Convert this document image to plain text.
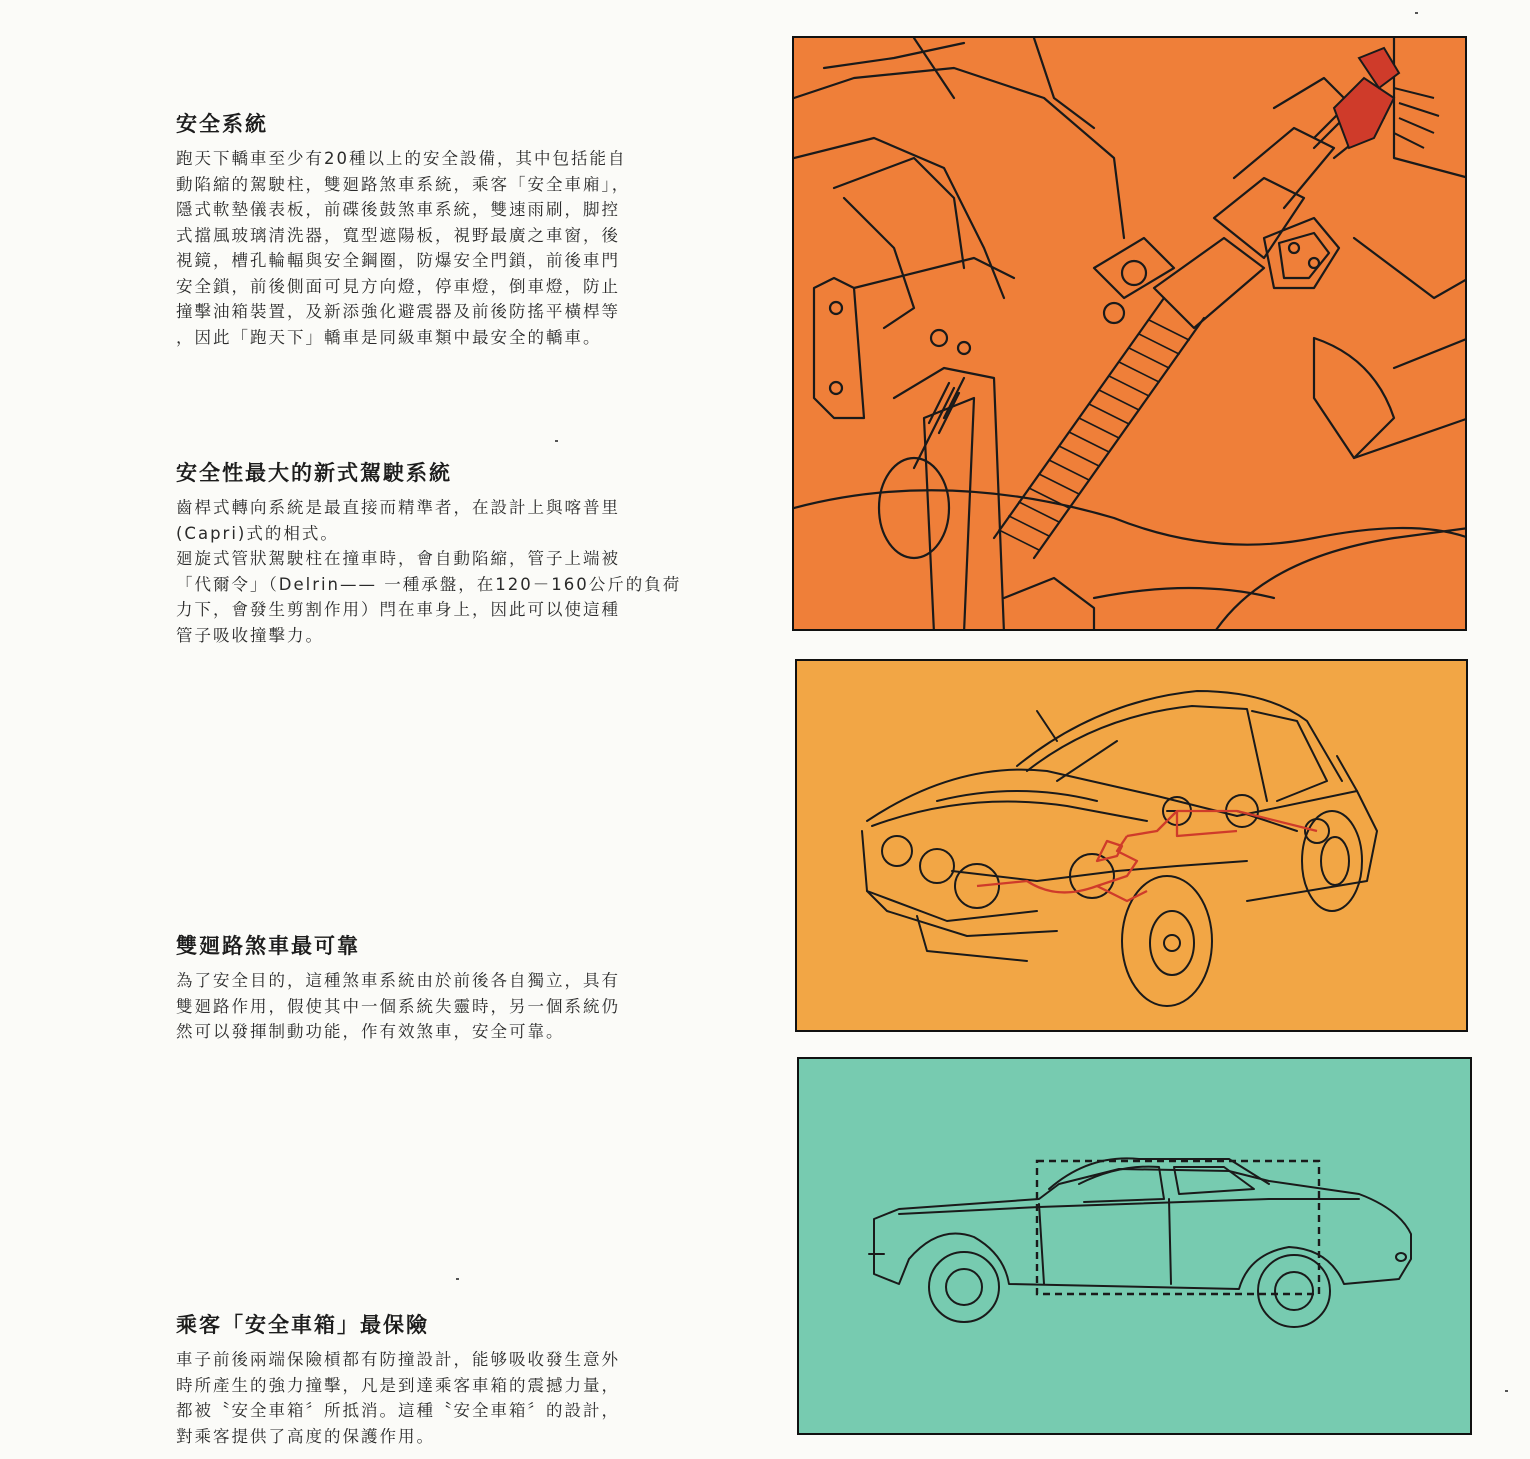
安全系統

跑天下轎車至少有20種以上的安全設備，其中包括能自
動陷縮的駕駛柱，雙廻路煞車系統，乘客「安全車廂」，
隱式軟墊儀表板，前碟後鼓煞車系統，雙速雨刷，脚控
式擋風玻璃清洗器，寬型遮陽板，視野最廣之車窗，後
視鏡，槽孔輪輻與安全鋼圈，防爆安全門鎖，前後車門
安全鎖，前後側面可見方向燈，停車燈，倒車燈，防止
撞擊油箱裝置，及新添強化避震器及前後防搖平橫桿等
，因此「跑天下」轎車是同級車類中最安全的轎車。

安全性最大的新式駕駛系統

齒桿式轉向系統是最直接而精準者，在設計上與喀普里
(Capri)式的相式。
廻旋式管狀駕駛柱在撞車時，會自動陷縮，管子上端被
「代爾令」（Delrin—— 一種承盤，在120－160公斤的負荷
力下，會發生剪割作用）閂在車身上，因此可以使這種
管子吸收撞擊力。

雙廻路煞車最可靠

為了安全目的，這種煞車系統由於前後各自獨立，具有
雙廻路作用，假使其中一個系統失靈時，另一個系統仍
然可以發揮制動功能，作有效煞車，安全可靠。

乘客「安全車箱」最保險

車子前後兩端保險槓都有防撞設計，能够吸收發生意外
時所產生的強力撞擊，凡是到達乘客車箱的震撼力量，
都被〝安全車箱〞所抵消。這種〝安全車箱〞的設計，
對乘客提供了高度的保護作用。
